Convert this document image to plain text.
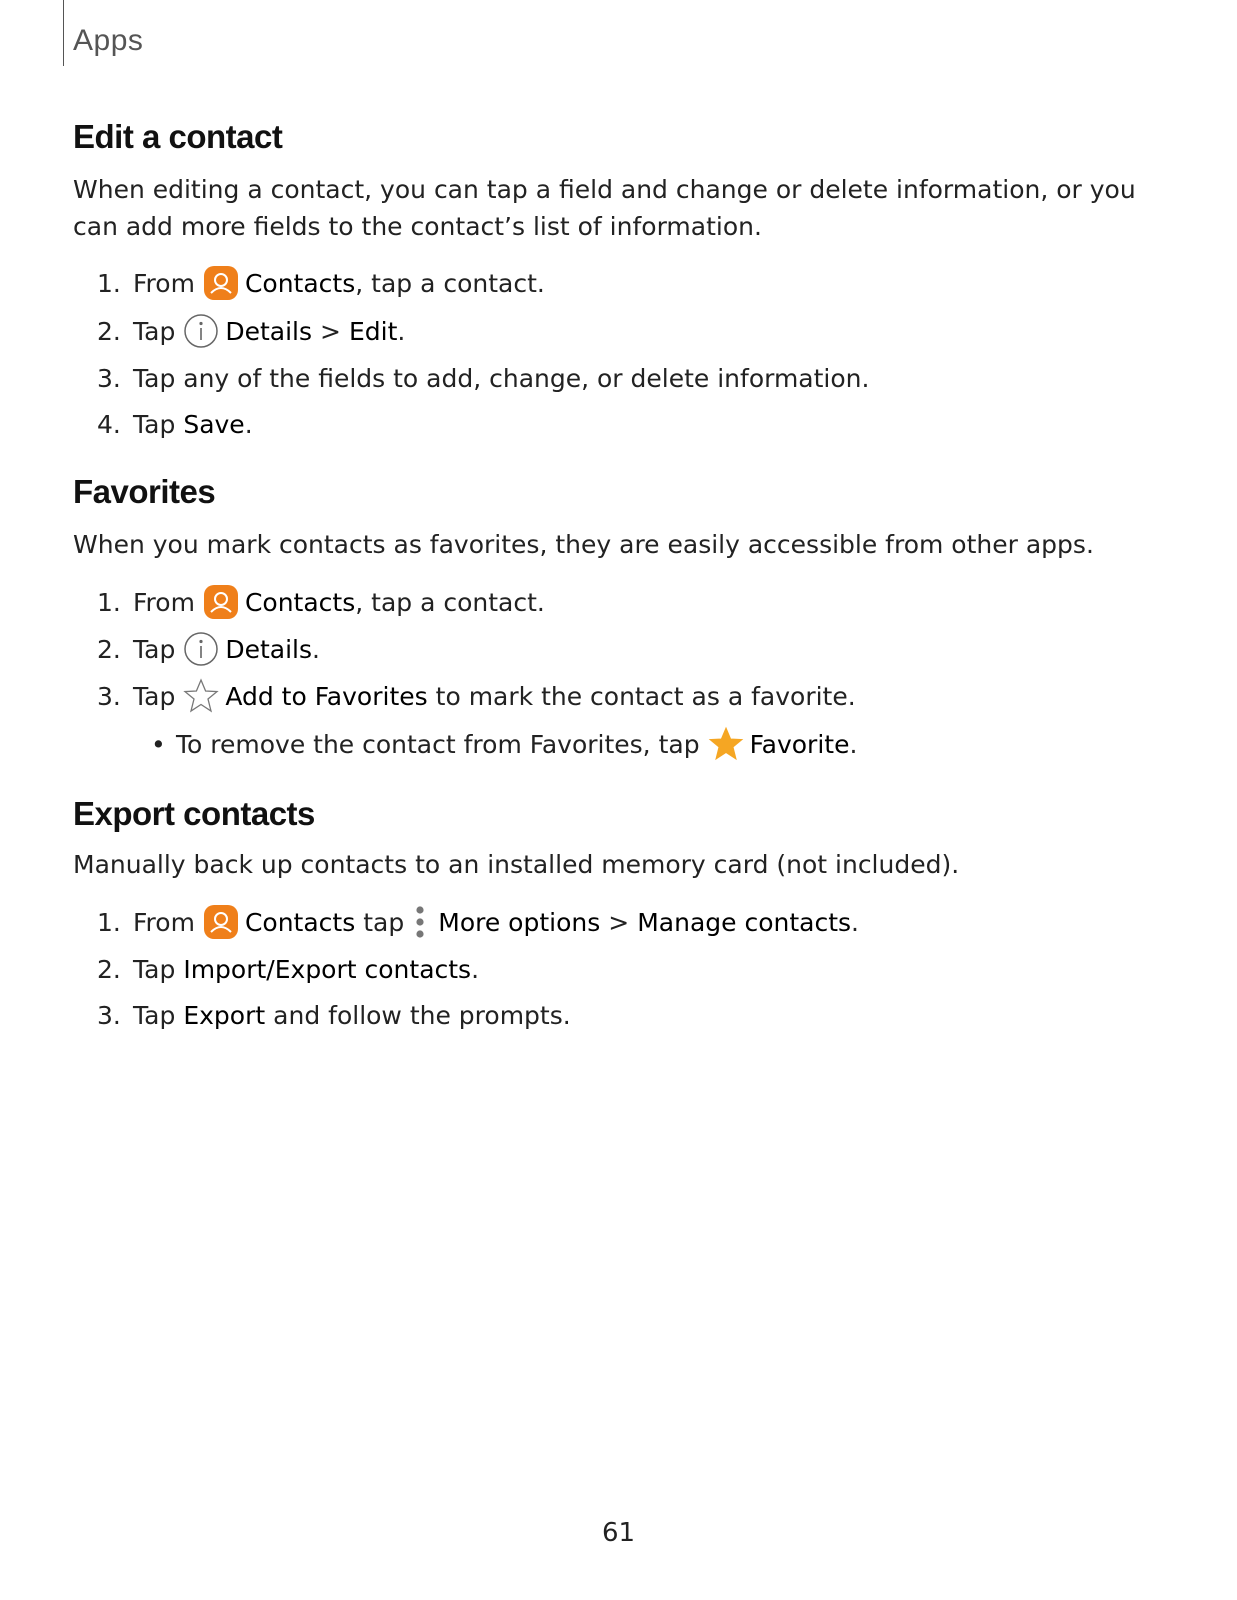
Apps
Edit a contact

When editing a contact, you can tap a field and change or delete information, or you

can add more fields to the contact’s list of information.

1. From Contacts , tap a contact.
2. Tap Details > Edit .
3. Tap any of the fields to add, change, or delete information.
4. Tap Save .
Favorites

When you mark contacts as favorites, they are easily accessible from other apps.

1. From Contacts , tap a contact.
2. Tap Details .
3. Tap Add to Favorites to mark the contact as a favorite.
• To remove the contact from Favorites, tap Favorite .
Export contacts

Manually back up contacts to an installed memory card (not included).

1. From Contacts tap More options > Manage contacts .
2. Tap Import/Export contacts .
3. Tap Export and follow the prompts.
61
